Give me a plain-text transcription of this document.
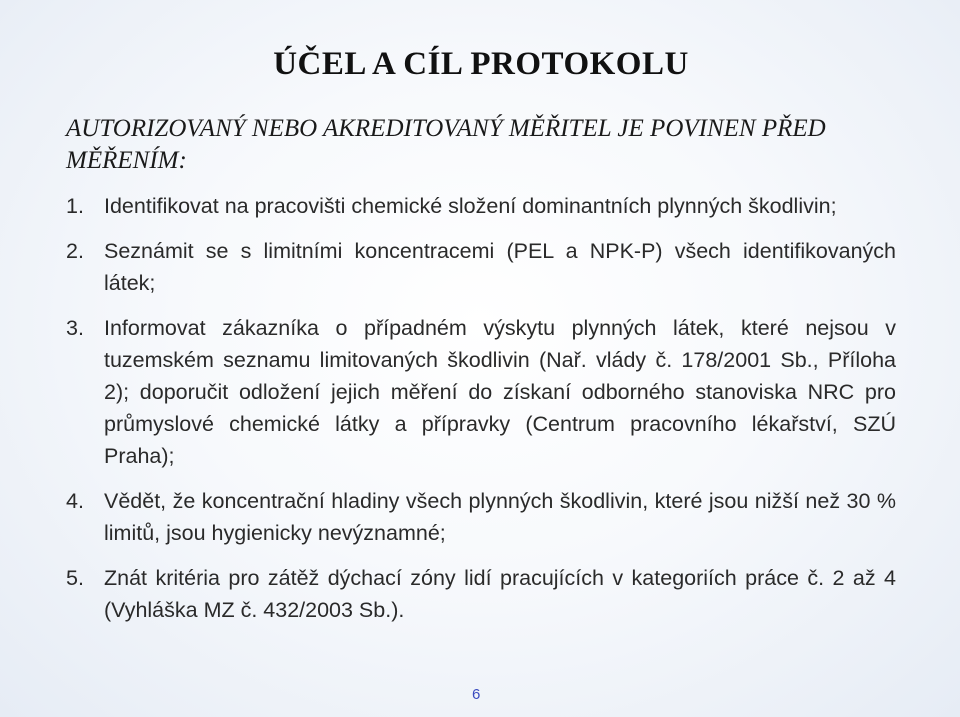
ÚČEL A CÍL PROTOKOLU
AUTORIZOVANÝ NEBO AKREDITOVANÝ MĚŘITEL JE POVINEN PŘED MĚŘENÍM:
1. Identifikovat na pracovišti chemické složení dominantních plynných škodlivin;
2. Seznámit se s limitními koncentracemi (PEL a NPK-P) všech identifikovaných látek;
3. Informovat zákazníka o případném výskytu plynných látek, které nejsou v tuzemském seznamu limitovaných škodlivin (Nař. vlády č. 178/2001 Sb., Příloha 2); doporučit odložení jejich měření do získaní odborného stanoviska NRC pro průmyslové chemické látky a přípravky (Centrum pracovního lékařství, SZÚ Praha);
4. Vědět, že koncentrační hladiny všech plynných škodlivin, které jsou nižší než 30 % limitů, jsou hygienicky nevýznamné;
5. Znát kritéria pro zátěž dýchací zóny lidí pracujících v kategoriích práce č. 2 až 4 (Vyhláška MZ č. 432/2003 Sb.).
6
